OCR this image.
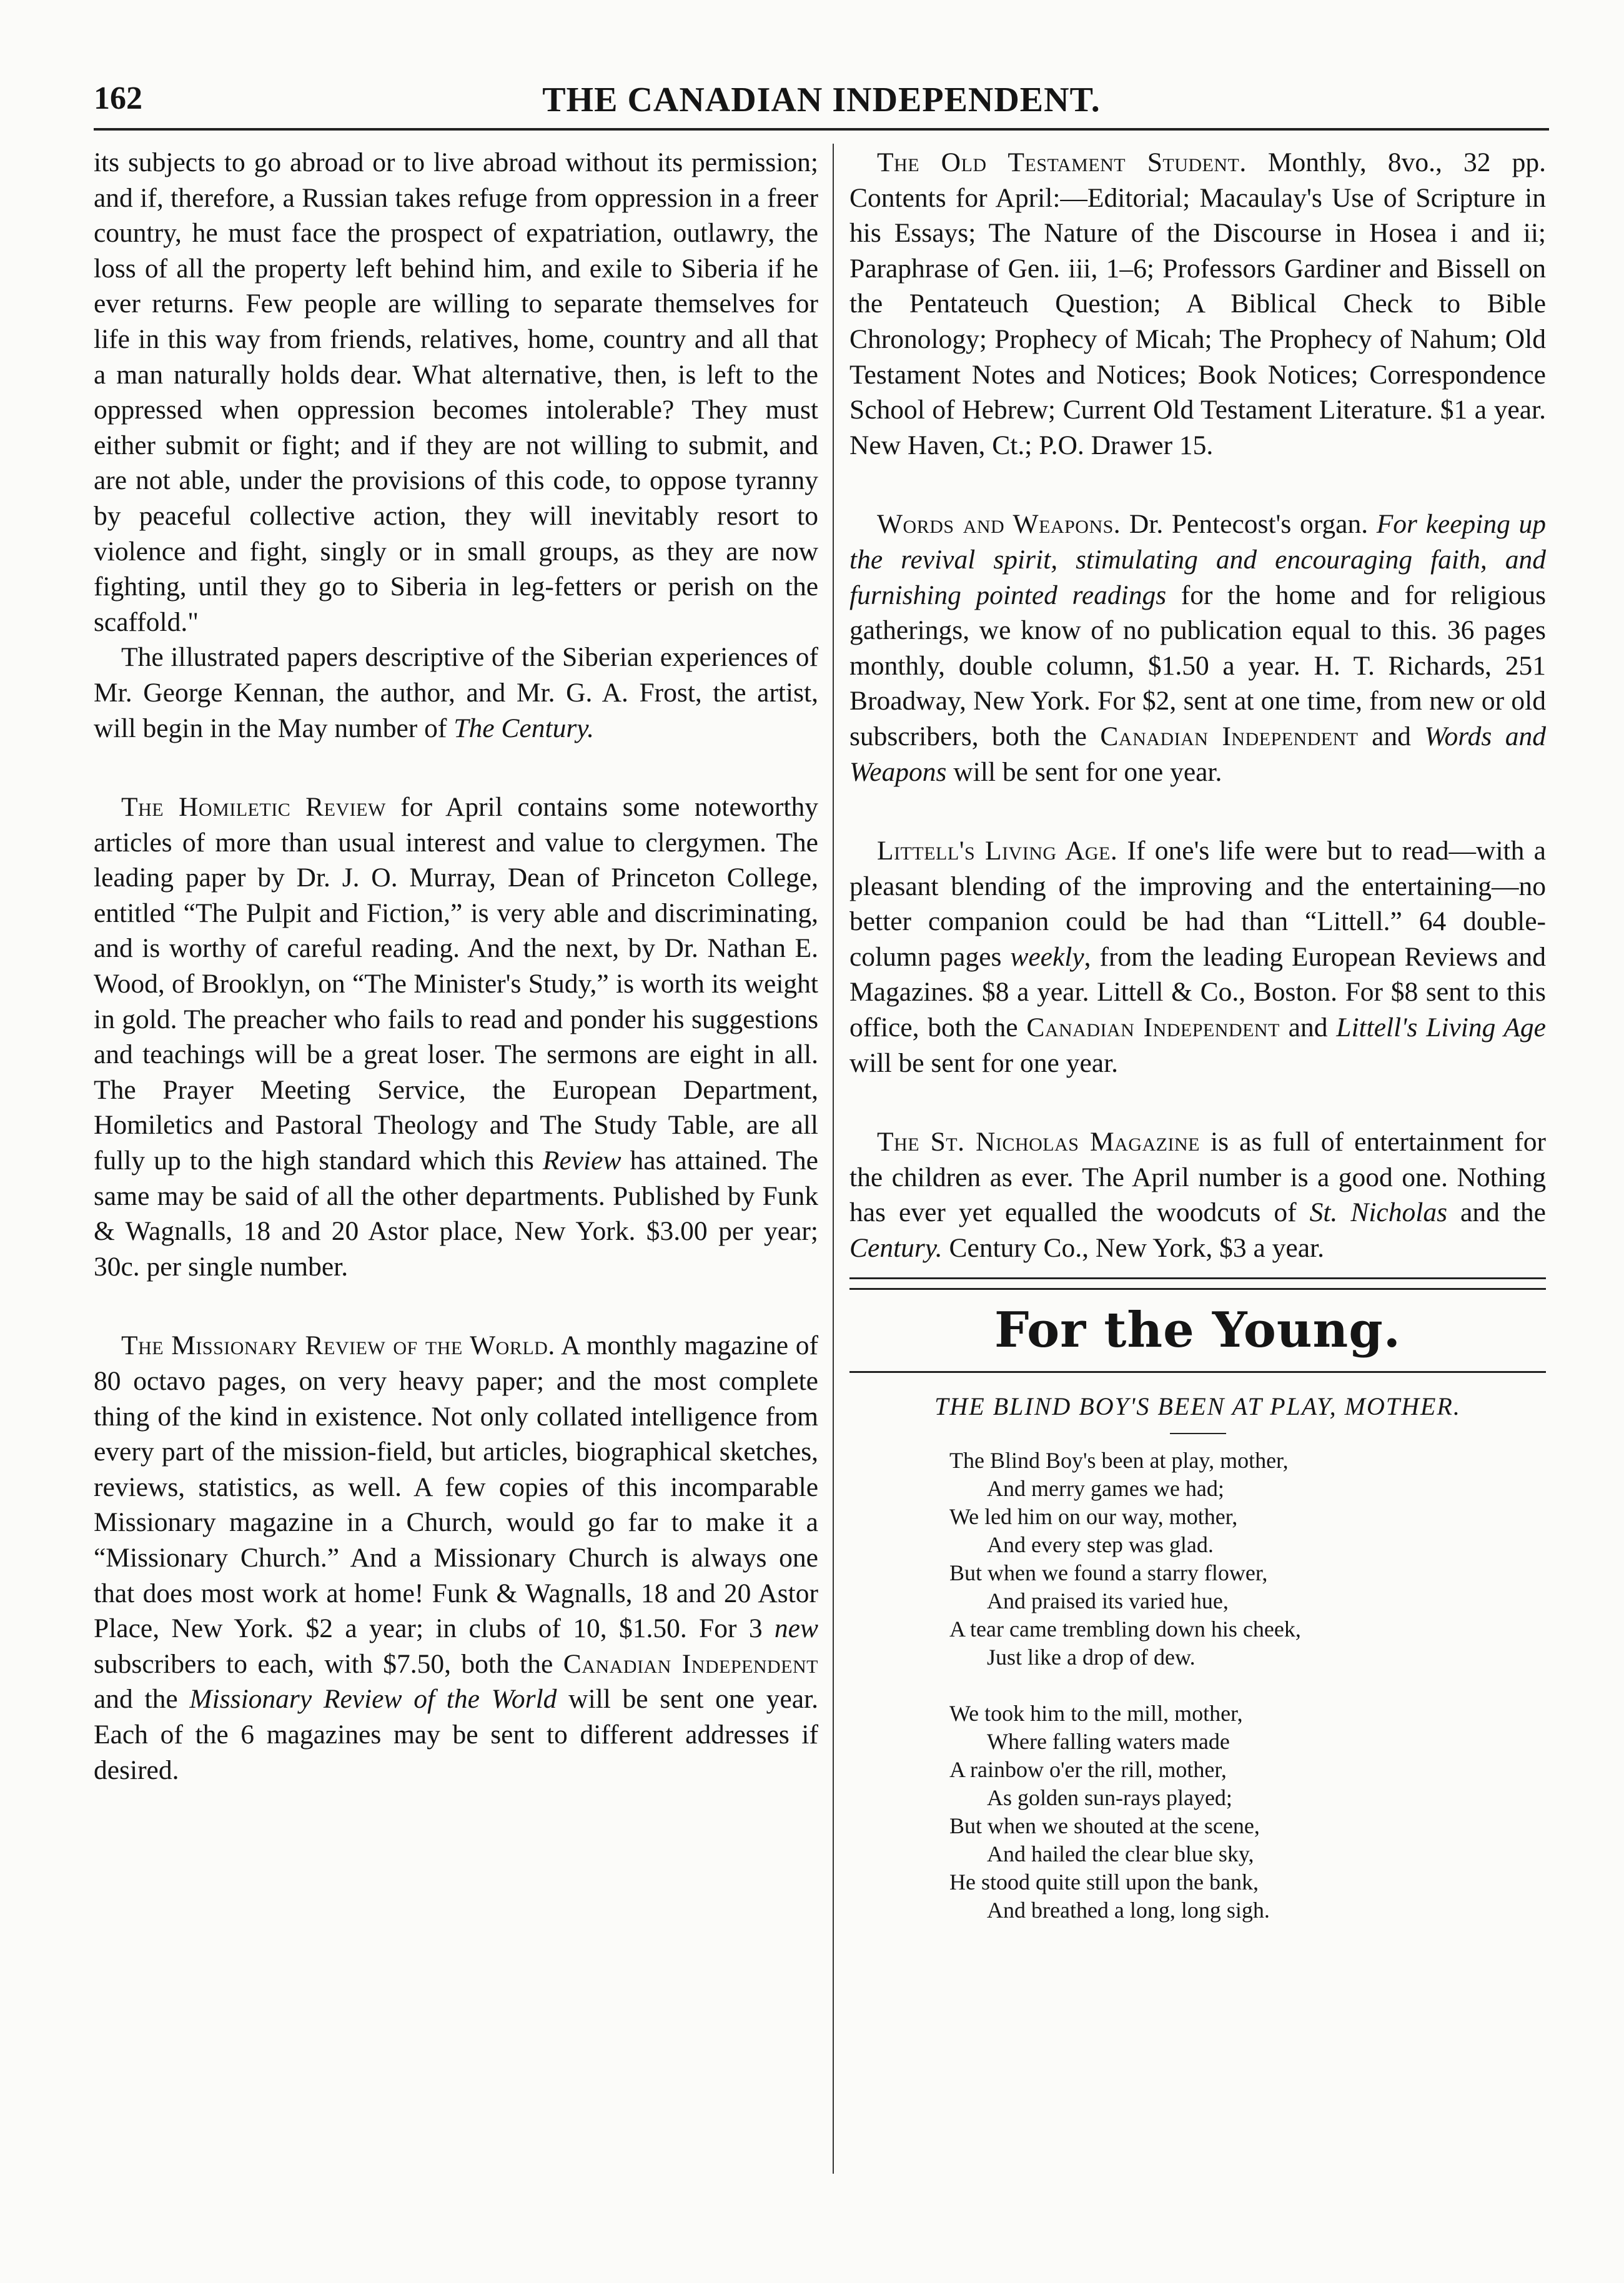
162	THE CANADIAN INDEPENDENT.

its subjects to go abroad or to live abroad without its permission; and if, therefore, a Russian takes refuge from oppression in a freer country, he must face the prospect of expatriation, outlawry, the loss of all the property left behind him, and exile to Siberia if he ever returns. Few people are willing to separate themselves for life in this way from friends, relatives, home, country and all that a man naturally holds dear. What alternative, then, is left to the oppressed when oppression becomes intolerable? They must either submit or fight; and if they are not willing to submit, and are not able, under the provisions of this code, to oppose tyranny by peaceful collective action, they will inevitably resort to violence and fight, singly or in small groups, as they are now fighting, until they go to Siberia in leg-fetters or perish on the scaffold."

The illustrated papers descriptive of the Siberian experiences of Mr. George Kennan, the author, and Mr. G. A. Frost, the artist, will begin in the May number of The Century.

The Homiletic Review for April contains some noteworthy articles of more than usual interest and value to clergymen. The leading paper by Dr. J. O. Murray, Dean of Princeton College, entitled “The Pulpit and Fiction,” is very able and discriminating, and is worthy of careful reading. And the next, by Dr. Nathan E. Wood, of Brooklyn, on “The Minister's Study,” is worth its weight in gold. The preacher who fails to read and ponder his suggestions and teachings will be a great loser. The sermons are eight in all. The Prayer Meeting Service, the European Department, Homiletics and Pastoral Theology and The Study Table, are all fully up to the high standard which this Review has attained. The same may be said of all the other departments. Published by Funk & Wagnalls, 18 and 20 Astor place, New York. $3.00 per year; 30c. per single number.

The Missionary Review of the World. A monthly magazine of 80 octavo pages, on very heavy paper; and the most complete thing of the kind in existence. Not only collated intelligence from every part of the mission-field, but articles, biographical sketches, reviews, statistics, as well. A few copies of this incomparable Missionary magazine in a Church, would go far to make it a “Missionary Church.” And a Missionary Church is always one that does most work at home! Funk & Wagnalls, 18 and 20 Astor Place, New York. $2 a year; in clubs of 10, $1.50. For 3 new subscribers to each, with $7.50, both the Canadian Independent and the Missionary Review of the World will be sent one year. Each of the 6 magazines may be sent to different addresses if desired.

The Old Testament Student. Monthly, 8vo., 32 pp. Contents for April:—Editorial; Macaulay's Use of Scripture in his Essays; The Nature of the Discourse in Hosea i and ii; Paraphrase of Gen. iii, 1–6; Professors Gardiner and Bissell on the Pentateuch Question; A Biblical Check to Bible Chronology; Prophecy of Micah; The Prophecy of Nahum; Old Testament Notes and Notices; Book Notices; Correspondence School of Hebrew; Current Old Testament Literature. $1 a year. New Haven, Ct.; P.O. Drawer 15.

Words and Weapons. Dr. Pentecost's organ. For keeping up the revival spirit, stimulating and encouraging faith, and furnishing pointed readings for the home and for religious gatherings, we know of no publication equal to this. 36 pages monthly, double column, $1.50 a year. H. T. Richards, 251 Broadway, New York. For $2, sent at one time, from new or old subscribers, both the Canadian Independent and Words and Weapons will be sent for one year.

Littell's Living Age. If one's life were but to read—with a pleasant blending of the improving and the entertaining—no better companion could be had than “Littell.” 64 double-column pages weekly, from the leading European Reviews and Magazines. $8 a year. Littell & Co., Boston. For $8 sent to this office, both the Canadian Independent and Littell's Living Age will be sent for one year.

The St. Nicholas Magazine is as full of entertainment for the children as ever. The April number is a good one. Nothing has ever yet equalled the woodcuts of St. Nicholas and the Century. Century Co., New York, $3 a year.

For the Young.
THE BLIND BOY'S BEEN AT PLAY, MOTHER.
The Blind Boy's been at play, mother,
And merry games we had;
We led him on our way, mother,
And every step was glad.
But when we found a starry flower,
And praised its varied hue,
A tear came trembling down his cheek,
Just like a drop of dew.
We took him to the mill, mother,
Where falling waters made
A rainbow o'er the rill, mother,
As golden sun-rays played;
But when we shouted at the scene,
And hailed the clear blue sky,
He stood quite still upon the bank,
And breathed a long, long sigh.
